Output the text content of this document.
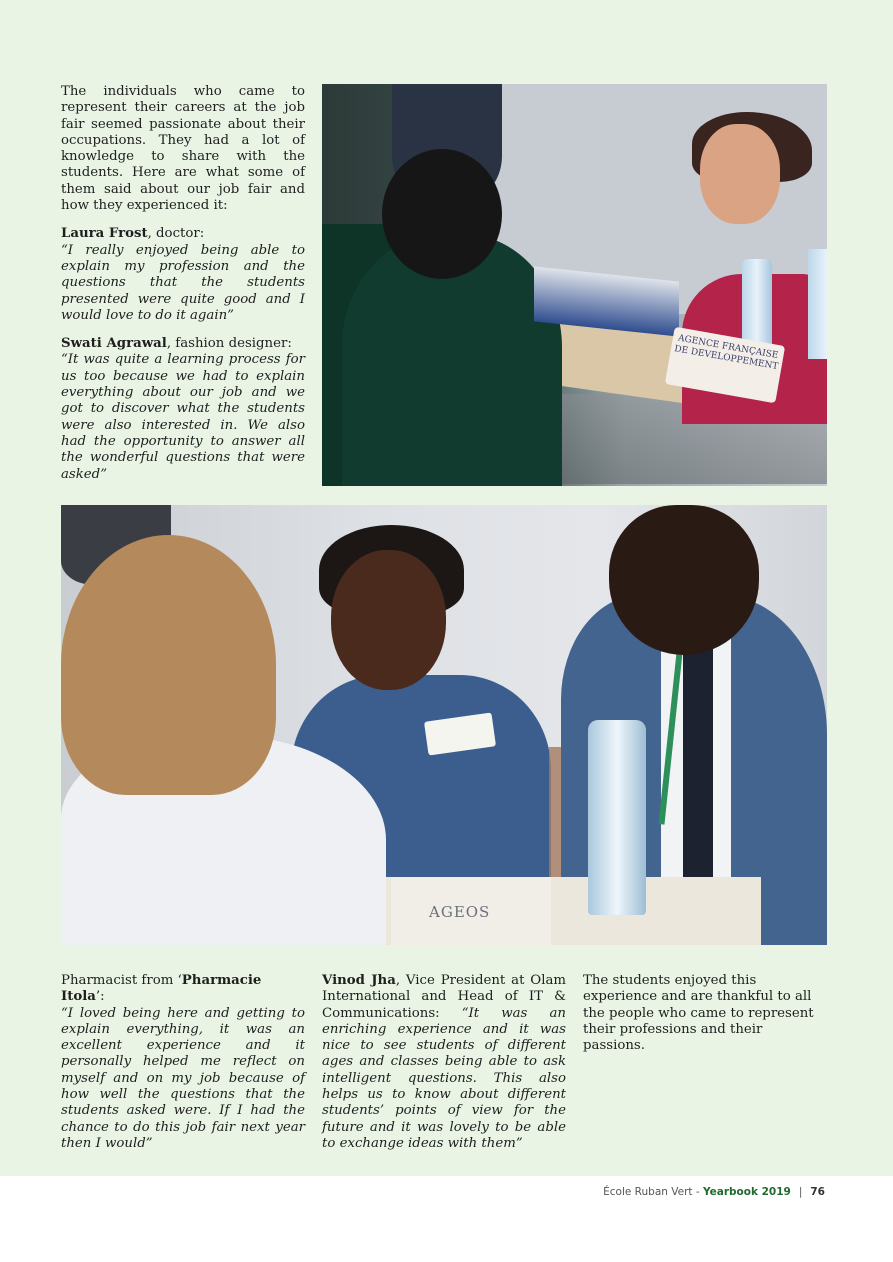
The individuals who came to represent their careers at the job fair seemed passionate about their occupations. They had a lot of knowledge to share with the students. Here are what some of them said about our job fair and how they experienced it:

Laura Frost, doctor:

“I really enjoyed being able to explain my profession and the questions that the students presented were quite good and I would love to do it again”

Swati Agrawal, fashion designer:

“It was quite a learning process for us too because we had to explain everything about our job and we got to discover what the students were also interested in. We also had the opportunity to answer all the wonderful questions that were asked”

AGENCE FRANÇAISE DE DEVELOPPEMENT
AGEOS
Pharmacist from ‘Pharmacie Itola’:
“I loved being here and getting to explain everything, it was an excellent experience and it personally helped me reflect on myself and on my job because of how well the questions that the students asked were. If I had the chance to do this job fair next year then I would”
Vinod Jha, Vice President at Olam International and Head of IT & Communications: “It was an enriching experience and it was nice to see students of different ages and classes being able to ask intelligent questions. This also helps us to know about different students’ points of view for the future and it was lovely to be able to exchange ideas with them”
The students enjoyed this experience and are thankful to all the people who came to represent their professions and their passions.
École Ruban Vert - Yearbook 2019 | 76
